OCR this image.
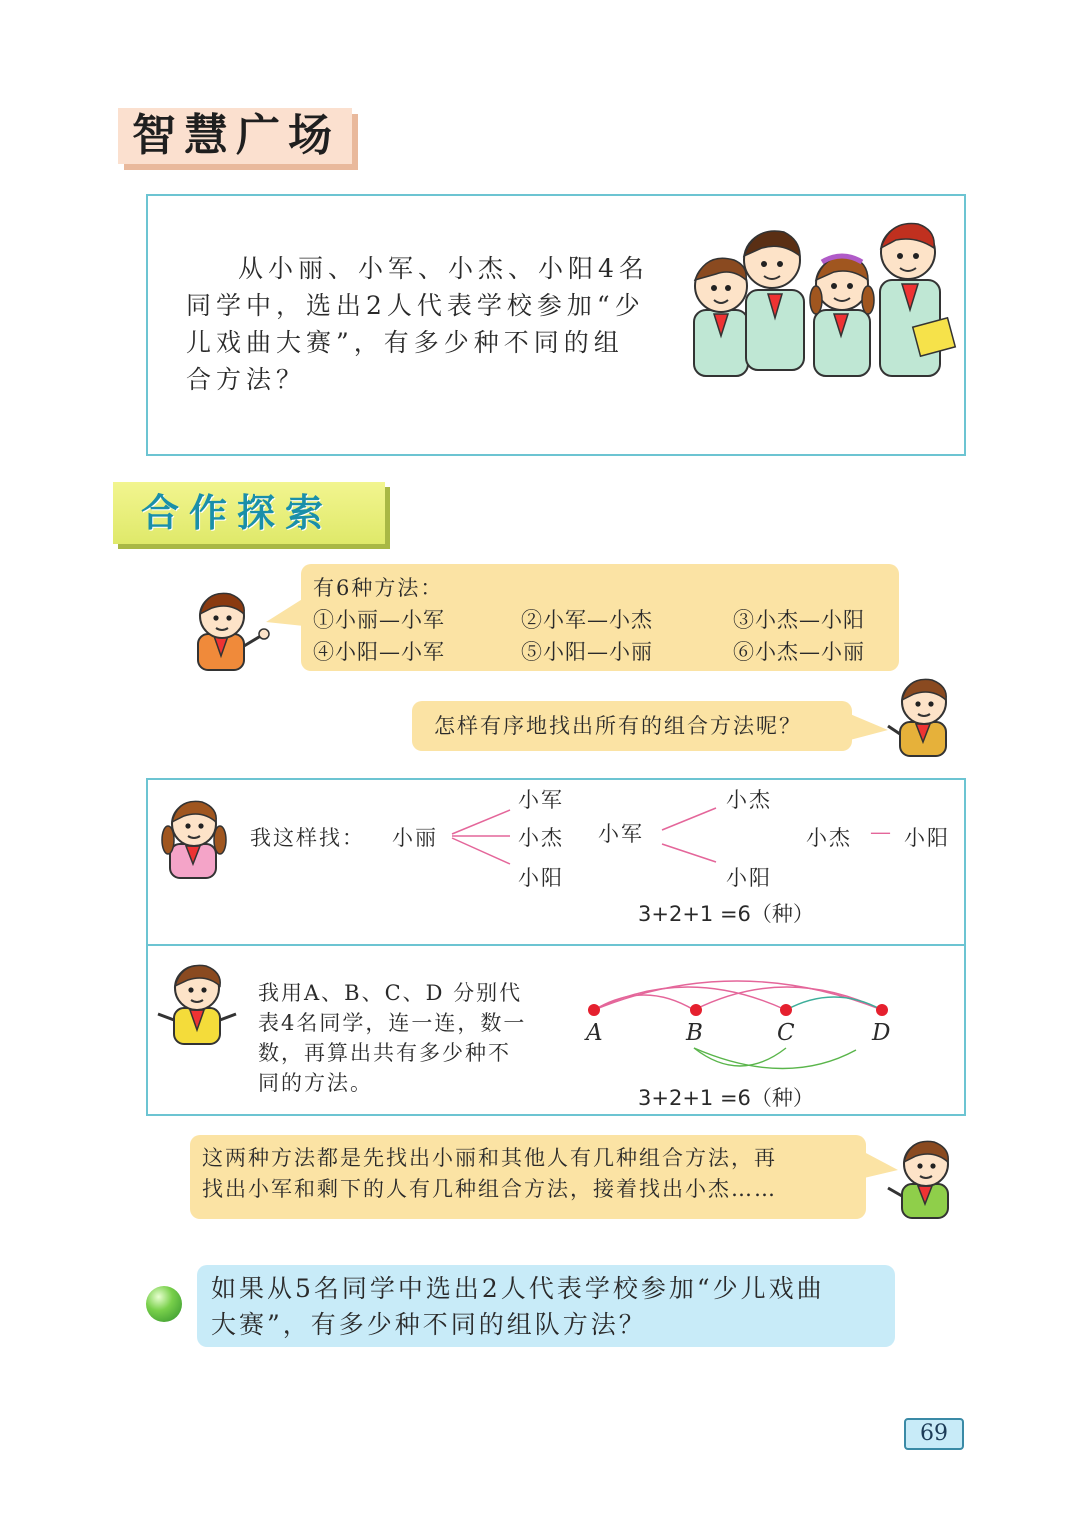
智慧广场

从小丽、小军、小杰、小阳4名

同学中，选出2人代表学校参加“少

儿戏曲大赛”，有多少种不同的组

合方法？

合作探索
有6种方法：
①小丽—小军	②小军—小杰	③小杰—小阳
④小阳—小军	⑤小阳—小丽	⑥小杰—小丽
怎样有序地找出所有的组合方法呢？
我这样找： 小丽
小军
小杰
小阳
小军
小杰
小阳
小杰 — 小阳
3+2+1 =6（种）
我用A、B、C、D 分别代
表4名同学，连一连，数一
数，再算出共有多少种不
同的方法。
A	B	C	D
3+2+1 =6（种）
这两种方法都是先找出小丽和其他人有几种组合方法，再
找出小军和剩下的人有几种组合方法，接着找出小杰……
如果从5名同学中选出2人代表学校参加“少儿戏曲
大赛”，有多少种不同的组队方法？
69
